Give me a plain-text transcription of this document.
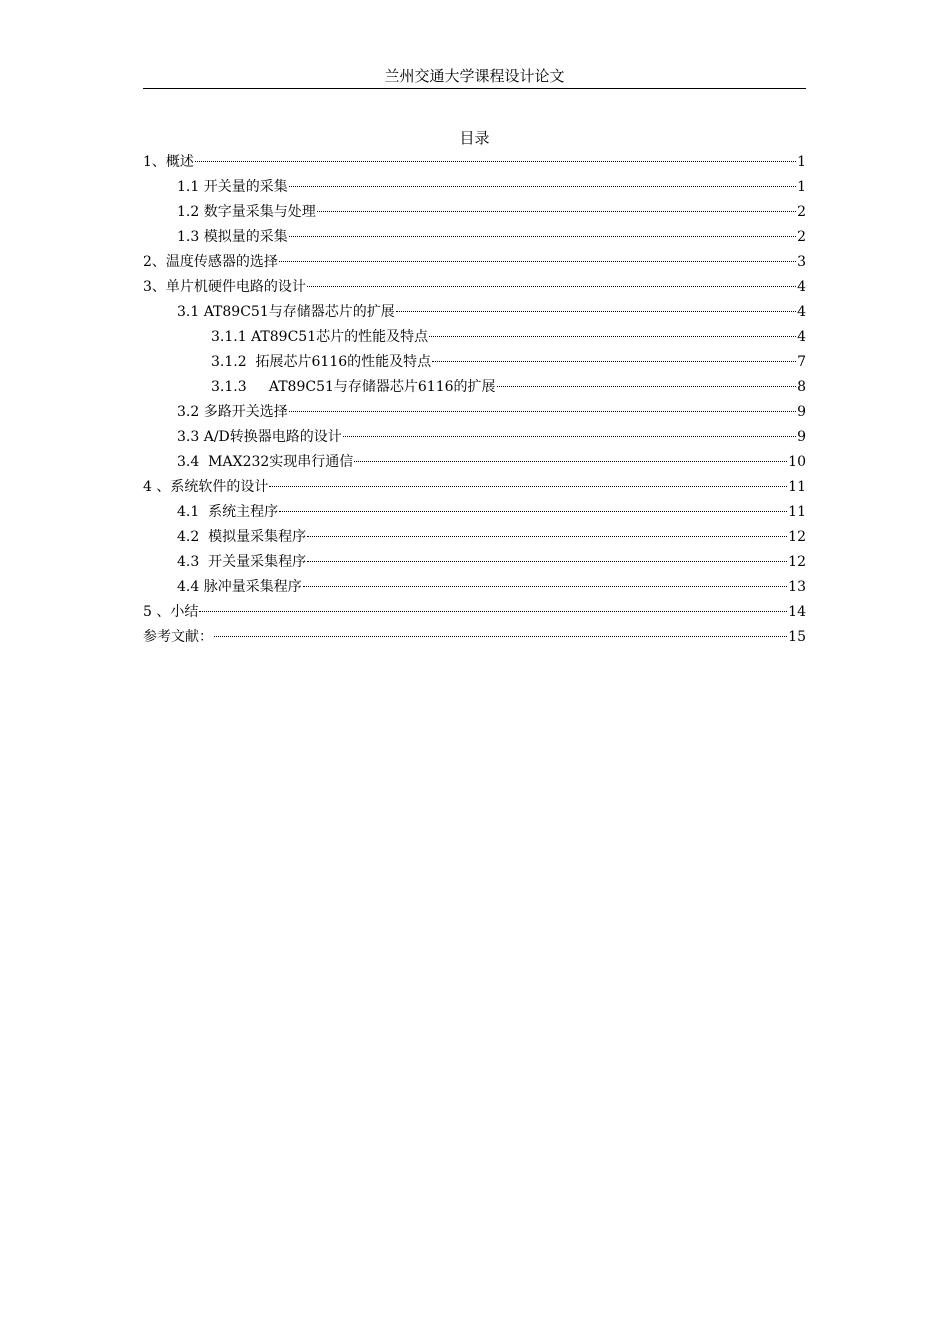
兰州交通大学课程设计论文
目录
1、概述	1
1.1 开关量的采集	1
1.2 数字量采集与处理	2
1.3 模拟量的采集	2
2、温度传感器的选择	3
3、单片机硬件电路的设计	4
3.1 AT89C51与存储器芯片的扩展	4
3.1.1 AT89C51芯片的性能及特点	4
3.1.2  拓展芯片6116的性能及特点	7
3.1.3     AT89C51与存储器芯片6116的扩展	8
3.2 多路开关选择	9
3.3 A/D转换器电路的设计	9
3.4  MAX232实现串行通信	10
4 、系统软件的设计	11
4.1  系统主程序	11
4.2  模拟量采集程序	12
4.3  开关量采集程序	12
4.4 脉冲量采集程序	13
5 、小结	14
参考文献：	15
